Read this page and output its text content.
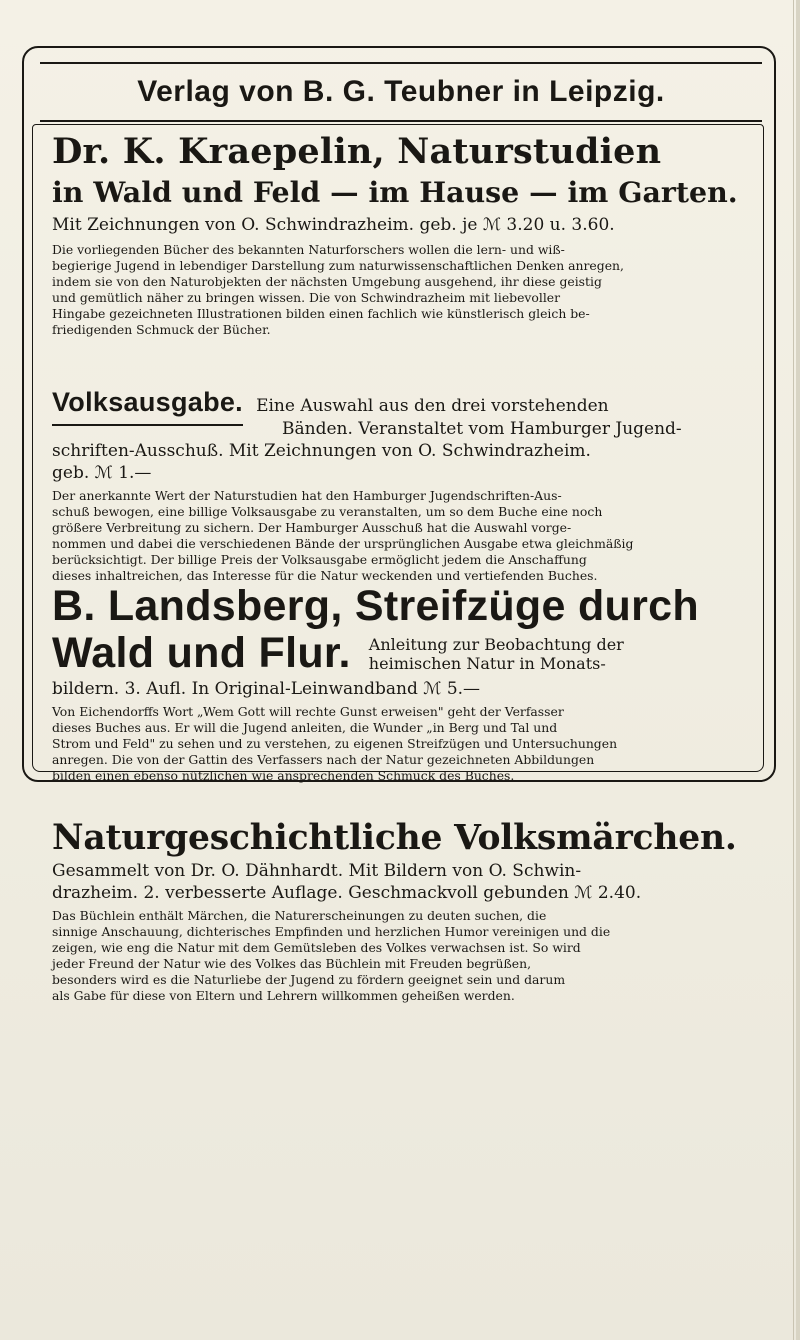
Verlag von B. G. Teubner in Leipzig.
Dr. K. Kraepelin, Naturstudien
in Wald und Feld — im Hause — im Garten.
Mit Zeichnungen von O. Schwindrazheim. geb. je ℳ 3.20 u. 3.60.
Die vorliegenden Bücher des bekannten Naturforschers wollen die lern- und wiß-
begierige Jugend in lebendiger Darstellung zum naturwissenschaftlichen Denken anregen,
indem sie von den Naturobjekten der nächsten Umgebung ausgehend, ihr diese geistig
und gemütlich näher zu bringen wissen. Die von Schwindrazheim mit liebevoller
Hingabe gezeichneten Illustrationen bilden einen fachlich wie künstlerisch gleich be-
friedigenden Schmuck der Bücher.
Volksausgabe. Eine Auswahl aus den drei vorstehenden
Bänden. Veranstaltet vom Hamburger Jugend-
schriften-Ausschuß. Mit Zeichnungen von O. Schwindrazheim.
geb. ℳ 1.—
Der anerkannte Wert der Naturstudien hat den Hamburger Jugendschriften-Aus-
schuß bewogen, eine billige Volksausgabe zu veranstalten, um so dem Buche eine noch
größere Verbreitung zu sichern. Der Hamburger Ausschuß hat die Auswahl vorge-
nommen und dabei die verschiedenen Bände der ursprünglichen Ausgabe etwa gleichmäßig
berücksichtigt. Der billige Preis der Volksausgabe ermöglicht jedem die Anschaffung
dieses inhaltreichen, das Interesse für die Natur weckenden und vertiefenden Buches.
B. Landsberg, Streifzüge durch
Wald und Flur. Anleitung zur Beobachtung der
heimischen Natur in Monats-
bildern. 3. Aufl. In Original-Leinwandband ℳ 5.—
Von Eichendorffs Wort „Wem Gott will rechte Gunst erweisen" geht der Verfasser
dieses Buches aus. Er will die Jugend anleiten, die Wunder „in Berg und Tal und
Strom und Feld" zu sehen und zu verstehen, zu eigenen Streifzügen und Untersuchungen
anregen. Die von der Gattin des Verfassers nach der Natur gezeichneten Abbildungen
bilden einen ebenso nützlichen wie ansprechenden Schmuck des Buches.
Naturgeschichtliche Volksmärchen.
Gesammelt von Dr. O. Dähnhardt. Mit Bildern von O. Schwin-
drazheim. 2. verbesserte Auflage. Geschmackvoll gebunden ℳ 2.40.
Das Büchlein enthält Märchen, die Naturerscheinungen zu deuten suchen, die
sinnige Anschauung, dichterisches Empfinden und herzlichen Humor vereinigen und die
zeigen, wie eng die Natur mit dem Gemütsleben des Volkes verwachsen ist. So wird
jeder Freund der Natur wie des Volkes das Büchlein mit Freuden begrüßen,
besonders wird es die Naturliebe der Jugend zu fördern geeignet sein und darum
als Gabe für diese von Eltern und Lehrern willkommen geheißen werden.
